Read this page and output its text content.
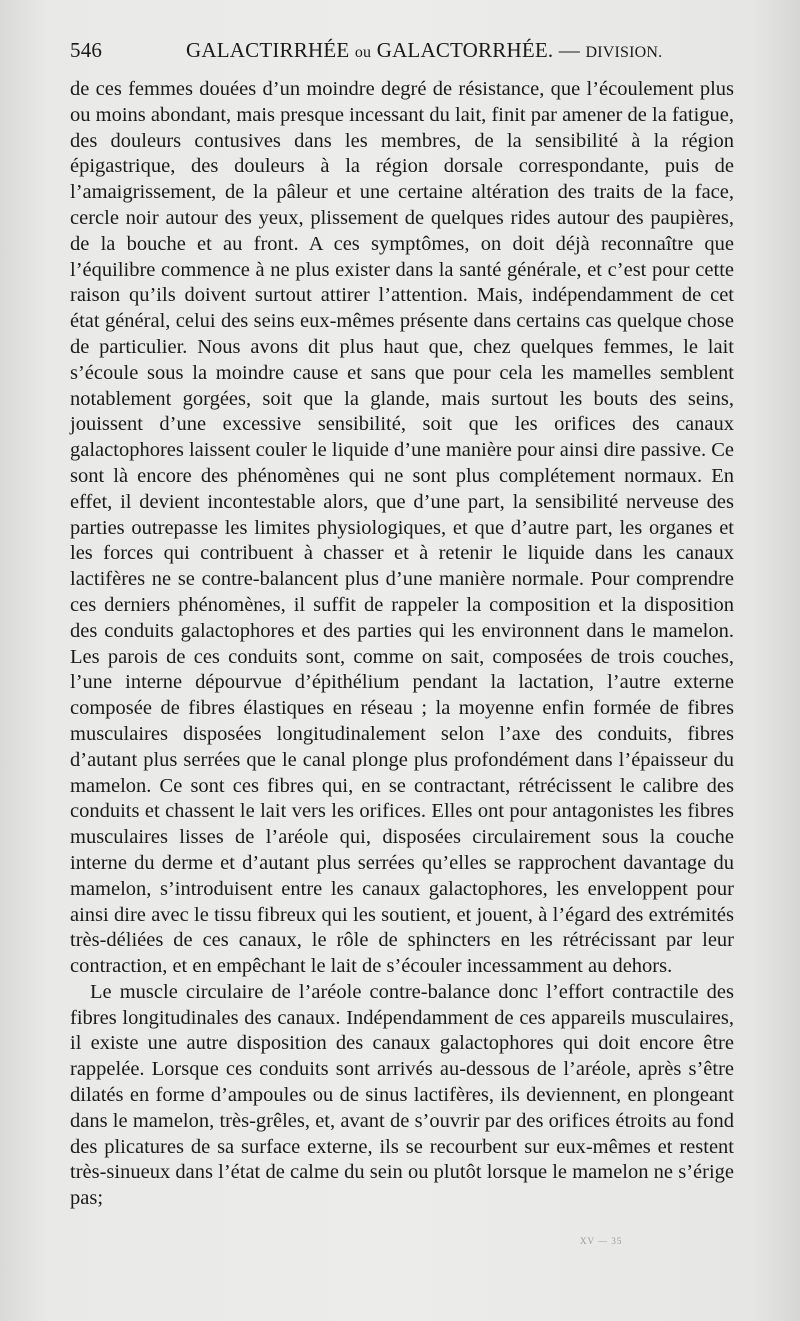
546	GALACTIRRHÉE ou GALACTORRHÉE. — DIVISION.

de ces femmes douées d’un moindre degré de résistance, que l’écoulement plus ou moins abondant, mais presque incessant du lait, finit par amener de la fatigue, des douleurs contusives dans les membres, de la sensibilité à la région épigastrique, des douleurs à la région dorsale correspondante, puis de l’amaigrissement, de la pâleur et une certaine altération des traits de la face, cercle noir autour des yeux, plissement de quelques rides autour des paupières, de la bouche et au front. A ces symptômes, on doit déjà reconnaître que l’équilibre commence à ne plus exister dans la santé générale, et c’est pour cette raison qu’ils doivent surtout attirer l’attention. Mais, indépendamment de cet état général, celui des seins eux-mêmes présente dans certains cas quelque chose de particulier. Nous avons dit plus haut que, chez quelques femmes, le lait s’écoule sous la moindre cause et sans que pour cela les mamelles semblent notablement gorgées, soit que la glande, mais surtout les bouts des seins, jouissent d’une excessive sensibilité, soit que les orifices des canaux galactophores laissent couler le liquide d’une manière pour ainsi dire passive. Ce sont là encore des phénomènes qui ne sont plus complétement normaux. En effet, il devient incontestable alors, que d’une part, la sensibilité nerveuse des parties outrepasse les limites physiologiques, et que d’autre part, les organes et les forces qui contribuent à chasser et à retenir le liquide dans les canaux lactifères ne se contre-balancent plus d’une manière normale. Pour comprendre ces derniers phénomènes, il suffit de rappeler la composition et la disposition des conduits galactophores et des parties qui les environnent dans le mamelon. Les parois de ces conduits sont, comme on sait, composées de trois couches, l’une interne dépourvue d’épithélium pendant la lactation, l’autre externe composée de fibres élastiques en réseau ; la moyenne enfin formée de fibres musculaires disposées longitudinalement selon l’axe des conduits, fibres d’autant plus serrées que le canal plonge plus profondément dans l’épaisseur du mamelon. Ce sont ces fibres qui, en se contractant, rétrécissent le calibre des conduits et chassent le lait vers les orifices. Elles ont pour antagonistes les fibres musculaires lisses de l’aréole qui, disposées circulairement sous la couche interne du derme et d’autant plus serrées qu’elles se rapprochent davantage du mamelon, s’introduisent entre les canaux galactophores, les enveloppent pour ainsi dire avec le tissu fibreux qui les soutient, et jouent, à l’égard des extrémités très-déliées de ces canaux, le rôle de sphincters en les rétrécissant par leur contraction, et en empêchant le lait de s’écouler incessamment au dehors.

Le muscle circulaire de l’aréole contre-balance donc l’effort contractile des fibres longitudinales des canaux. Indépendamment de ces appareils musculaires, il existe une autre disposition des canaux galactophores qui doit encore être rappelée. Lorsque ces conduits sont arrivés au-dessous de l’aréole, après s’être dilatés en forme d’ampoules ou de sinus lactifères, ils deviennent, en plongeant dans le mamelon, très-grêles, et, avant de s’ouvrir par des orifices étroits au fond des plicatures de sa surface externe, ils se recourbent sur eux-mêmes et restent très-sinueux dans l’état de calme du sein ou plutôt lorsque le mamelon ne s’érige pas;

XV — 35
